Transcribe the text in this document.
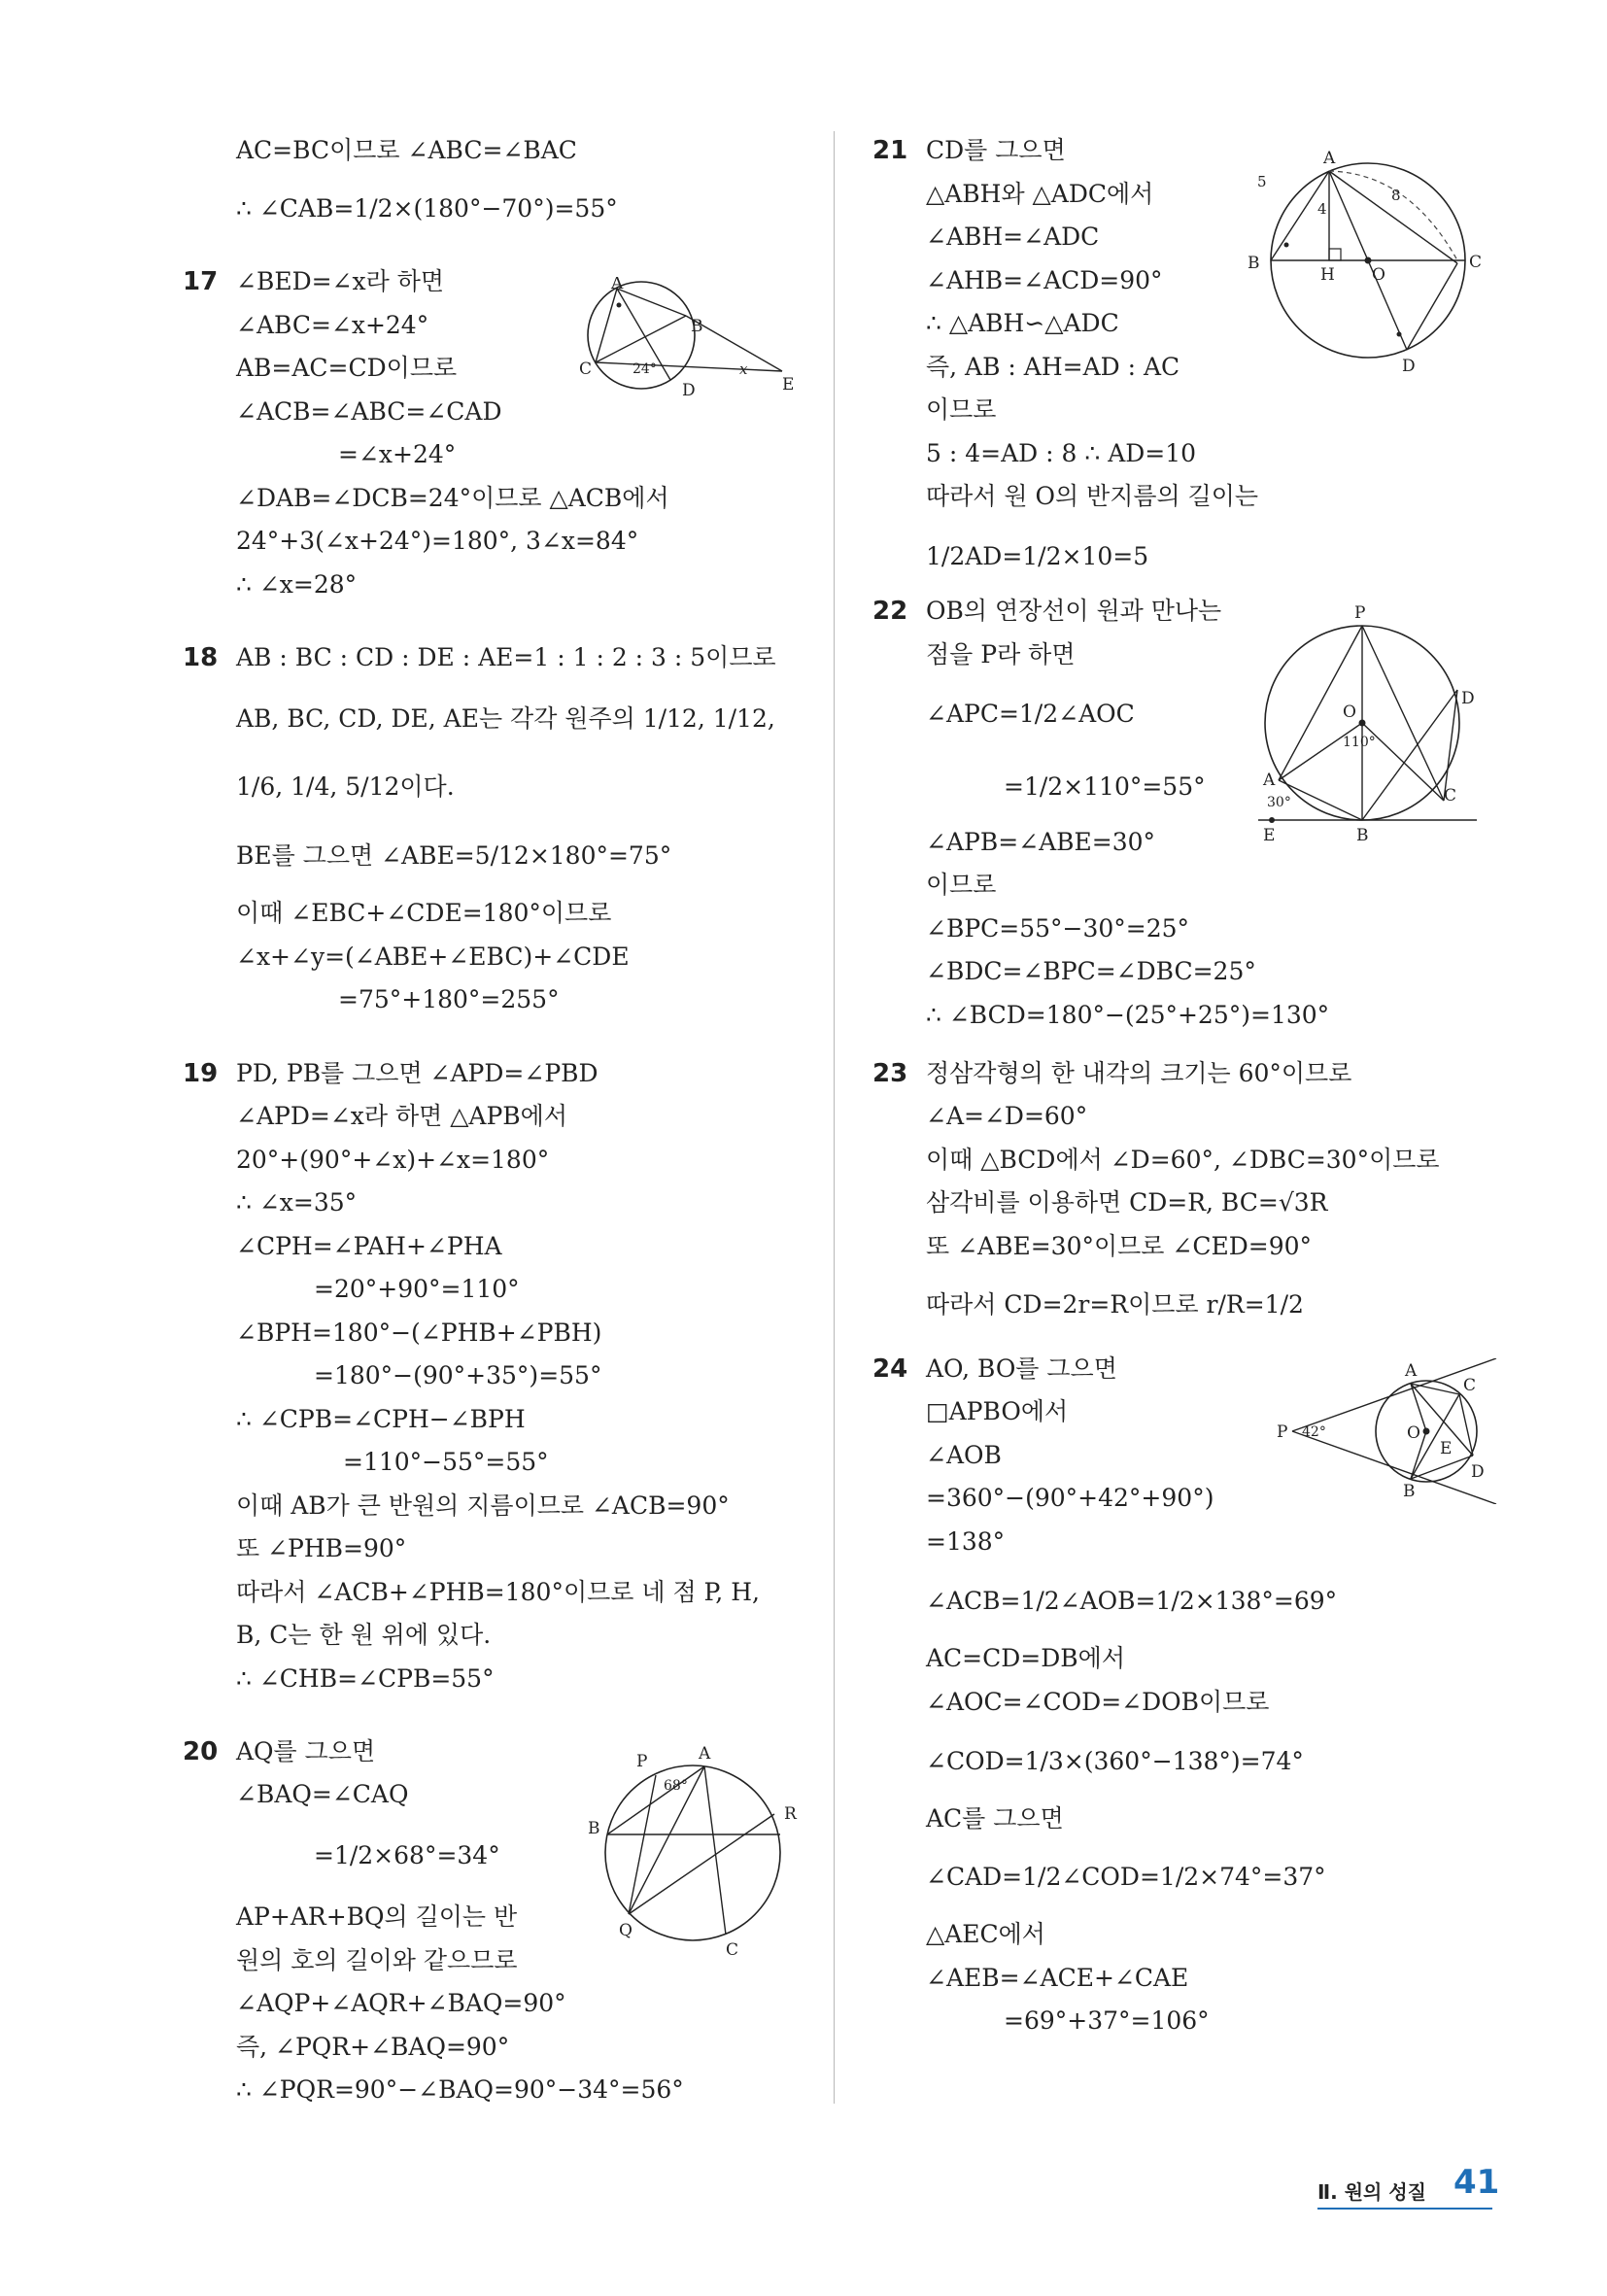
AC=BC이므로 ∠ABC=∠BAC
∴ ∠CAB=1/2×(180°−70°)=55°
∠BED=∠x라 하면
∠ABC=∠x+24°
AB=AC=CD이므로
∠ACB=∠ABC=∠CAD
=∠x+24°
∠DAB=∠DCB=24°이므로 △ACB에서
24°+3(∠x+24°)=180°, 3∠x=84°
∴ ∠x=28°
AB : BC : CD : DE : AE=1 : 1 : 2 : 3 : 5이므로
AB, BC, CD, DE, AE는 각각 원주의 1/12, 1/12,
1/6, 1/4, 5/12이다.
BE를 그으면 ∠ABE=5/12×180°=75°
이때 ∠EBC+∠CDE=180°이므로
∠x+∠y=(∠ABE+∠EBC)+∠CDE
=75°+180°=255°
PD, PB를 그으면 ∠APD=∠PBD
∠APD=∠x라 하면 △APB에서
20°+(90°+∠x)+∠x=180°
∴ ∠x=35°
∠CPH=∠PAH+∠PHA
=20°+90°=110°
∠BPH=180°−(∠PHB+∠PBH)
=180°−(90°+35°)=55°
∴ ∠CPB=∠CPH−∠BPH
=110°−55°=55°
이때 AB가 큰 반원의 지름이므로 ∠ACB=90°
또 ∠PHB=90°
따라서 ∠ACB+∠PHB=180°이므로 네 점 P, H,
B, C는 한 원 위에 있다.
∴ ∠CHB=∠CPB=55°
AQ를 그으면
∠BAQ=∠CAQ
=1/2×68°=34°
AP+AR+BQ의 길이는 반
원의 호의 길이와 같으므로
∠AQP+∠AQR+∠BAQ=90°
즉, ∠PQR+∠BAQ=90°
∴ ∠PQR=90°−∠BAQ=90°−34°=56°
CD를 그으면
△ABH와 △ADC에서
∠ABH=∠ADC
∠AHB=∠ACD=90°
∴ △ABH∽△ADC
즉, AB : AH=AD : AC
이므로
5 : 4=AD : 8 ∴ AD=10
따라서 원 O의 반지름의 길이는
1/2AD=1/2×10=5
OB의 연장선이 원과 만나는
점을 P라 하면
∠APC=1/2∠AOC
=1/2×110°=55°
∠APB=∠ABE=30°
이므로
∠BPC=55°−30°=25°
∠BDC=∠BPC=∠DBC=25°
∴ ∠BCD=180°−(25°+25°)=130°
정삼각형의 한 내각의 크기는 60°이므로
∠A=∠D=60°
이때 △BCD에서 ∠D=60°, ∠DBC=30°이므로
삼각비를 이용하면 CD=R, BC=√3R
또 ∠ABE=30°이므로 ∠CED=90°
따라서 CD=2r=R이므로 r/R=1/2
AO, BO를 그으면
□APBO에서
∠AOB
=360°−(90°+42°+90°)
=138°
∠ACB=1/2∠AOB=1/2×138°=69°
AC=CD=DB에서
∠AOC=∠COD=∠DOB이므로
∠COD=1/3×(360°−138°)=74°
AC를 그으면
∠CAD=1/2∠COD=1/2×74°=37°
△AEC에서
∠AEB=∠ACE+∠CAE
=69°+37°=106°
A
B
C
D	E
24°	x
P	A
B
R
Q
C
68°
A
B
H O
C
D
5
4
8
P
O
110°
D
A
30°	C
E	B
A
C
P 42°	O
E
B
D
Ⅱ. 원의 성질 41
17
18
19
20
21
22
23
24
